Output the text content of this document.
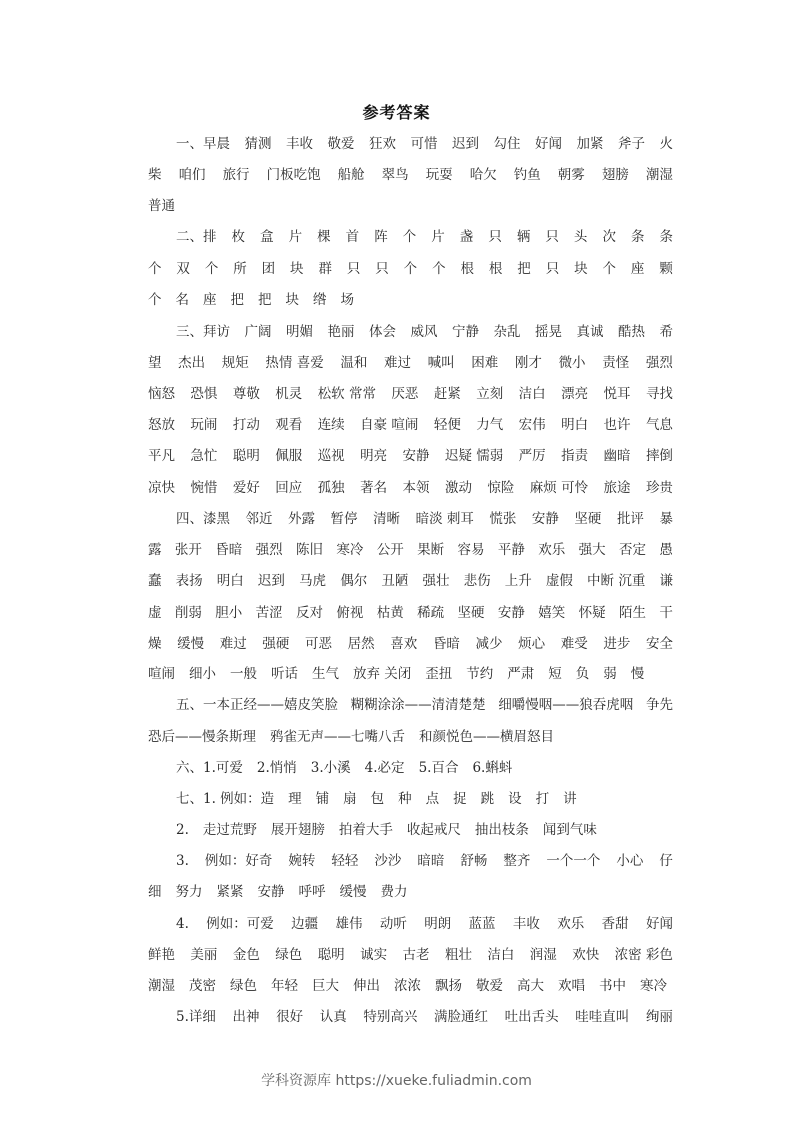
参考答案
一、早晨 猜测 丰收 敬爱 狂欢 可惜 迟到 勾住 好闻 加紧 斧子 火
柴 咱们 旅行 门板吃饱 船舱 翠鸟 玩耍 哈欠 钓鱼 朝雾 翅膀 潮湿
普通
二、排 枚 盒 片 棵 首 阵 个 片 盏 只 辆 只 头 次 条 条
个 双 个 所 团 块 群 只 只 个 个 根 根 把 只 块 个 座 颗
个 名 座 把 把 块 绺 场
三、拜访 广阔 明媚 艳丽 体会 威风 宁静 杂乱 摇晃 真诚 酷热 希
望 杰出 规矩 热情 喜爱 温和 难过 喊叫 困难 刚才 微小 责怪 强烈
恼怒 恐惧 尊敬 机灵 松软 常常 厌恶 赶紧 立刻 洁白 漂亮 悦耳 寻找
怒放 玩闹 打动 观看 连续 自豪 喧闹 轻便 力气 宏伟 明白 也许 气息
平凡 急忙 聪明 佩服 巡视 明亮 安静 迟疑 懦弱 严厉 指责 幽暗 摔倒
凉快 惋惜 爱好 回应 孤独 著名 本领 激动 惊险 麻烦 可怜 旅途 珍贵
四、漆黑 邻近 外露 暂停 清晰 暗淡 刺耳 慌张 安静 坚硬 批评 暴
露 张开 昏暗 强烈 陈旧 寒冷 公开 果断 容易 平静 欢乐 强大 否定 愚
蠢 表扬 明白 迟到 马虎 偶尔 丑陋 强壮 悲伤 上升 虚假 中断 沉重 谦
虚 削弱 胆小 苦涩 反对 俯视 枯黄 稀疏 坚硬 安静 嬉笑 怀疑 陌生 干
燥 缓慢 难过 强硬 可恶 居然 喜欢 昏暗 减少 烦心 难受 进步 安全
喧闹 细小 一般 听话 生气 放弃 关闭 歪扭 节约 严肃 短 负 弱 慢
五、一本正经——嬉皮笑脸 糊糊涂涂——清清楚楚 细嚼慢咽——狼吞虎咽 争先
恐后——慢条斯理 鸦雀无声——七嘴八舌 和颜悦色——横眉怒目
六、1.可爱 2.悄悄 3.小溪 4.必定 5.百合 6.蝌蚪
七、1. 例如：造 理 铺 扇 包 种 点 捉 跳 设 打 讲
2. 走过荒野 展开翅膀 拍着大手 收起戒尺 抽出枝条 闻到气味
3. 例如：好奇 婉转 轻轻 沙沙 暗暗 舒畅 整齐 一个一个 小心 仔
细 努力 紧紧 安静 呼呼 缓慢 费力
4. 例如：可爱 边疆 雄伟 动听 明朗 蓝蓝 丰收 欢乐 香甜 好闻
鲜艳 美丽 金色 绿色 聪明 诚实 古老 粗壮 洁白 润湿 欢快 浓密 彩色
潮湿 茂密 绿色 年轻 巨大 伸出 浓浓 飘扬 敬爱 高大 欢唱 书中 寒冷
5.详细 出神 很好 认真 特别高兴 满脸通红 吐出舌头 哇哇直叫 绚丽
学科资源库 https://xueke.fuliadmin.com
